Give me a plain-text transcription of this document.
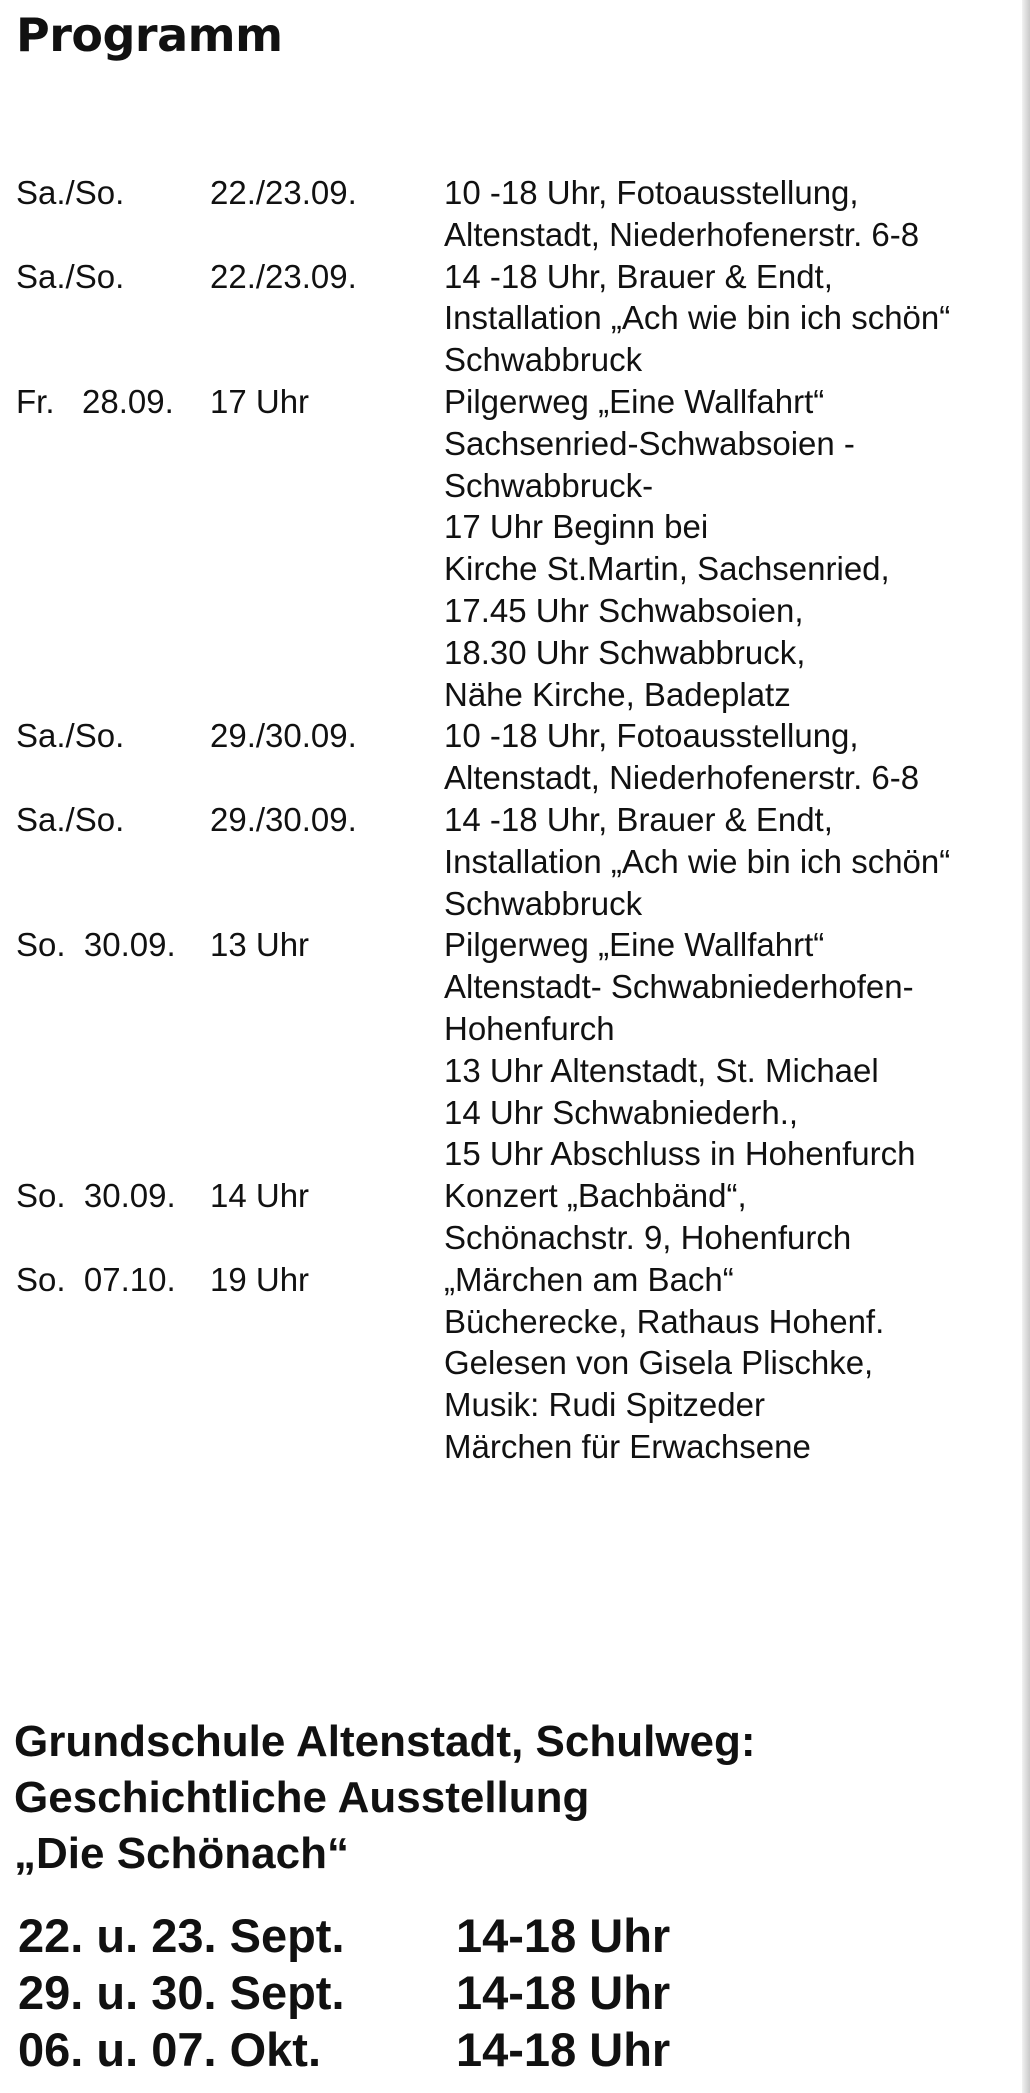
Programm
Sa./So.	22./23.09.	10 -18 Uhr, Fotoausstellung,
Altenstadt, Niederhofenerstr. 6-8
Sa./So.	22./23.09.	14 -18 Uhr, Brauer & Endt,
Installation „Ach wie bin ich schön“
Schwabbruck
Fr.   28.09. 17 Uhr	Pilgerweg „Eine Wallfahrt“
Sachsenried-Schwabsoien -
Schwabbruck-
17 Uhr Beginn bei
Kirche St.Martin, Sachsenried,
17.45 Uhr Schwabsoien,
18.30 Uhr Schwabbruck,
Nähe Kirche, Badeplatz
Sa./So.	29./30.09.	10 -18 Uhr, Fotoausstellung,
Altenstadt, Niederhofenerstr. 6-8
Sa./So.	29./30.09.	14 -18 Uhr, Brauer & Endt,
Installation „Ach wie bin ich schön“
Schwabbruck
So.  30.09. 13 Uhr	Pilgerweg „Eine Wallfahrt“
Altenstadt- Schwabniederhofen-
Hohenfurch
13 Uhr Altenstadt, St. Michael
14 Uhr Schwabniederh.,
15 Uhr Abschluss in Hohenfurch
So.  30.09. 14 Uhr	Konzert „Bachbänd“,
Schönachstr. 9, Hohenfurch
So.  07.10. 19 Uhr	„Märchen am Bach“
Bücherecke, Rathaus Hohenf.
Gelesen von Gisela Plischke,
Musik: Rudi Spitzeder
Märchen für Erwachsene
Grundschule Altenstadt, Schulweg:
Geschichtliche Ausstellung
„Die Schönach“
22. u. 23. Sept. 14-18 Uhr
29. u. 30. Sept. 14-18 Uhr
06. u. 07. Okt.	14-18 Uhr
